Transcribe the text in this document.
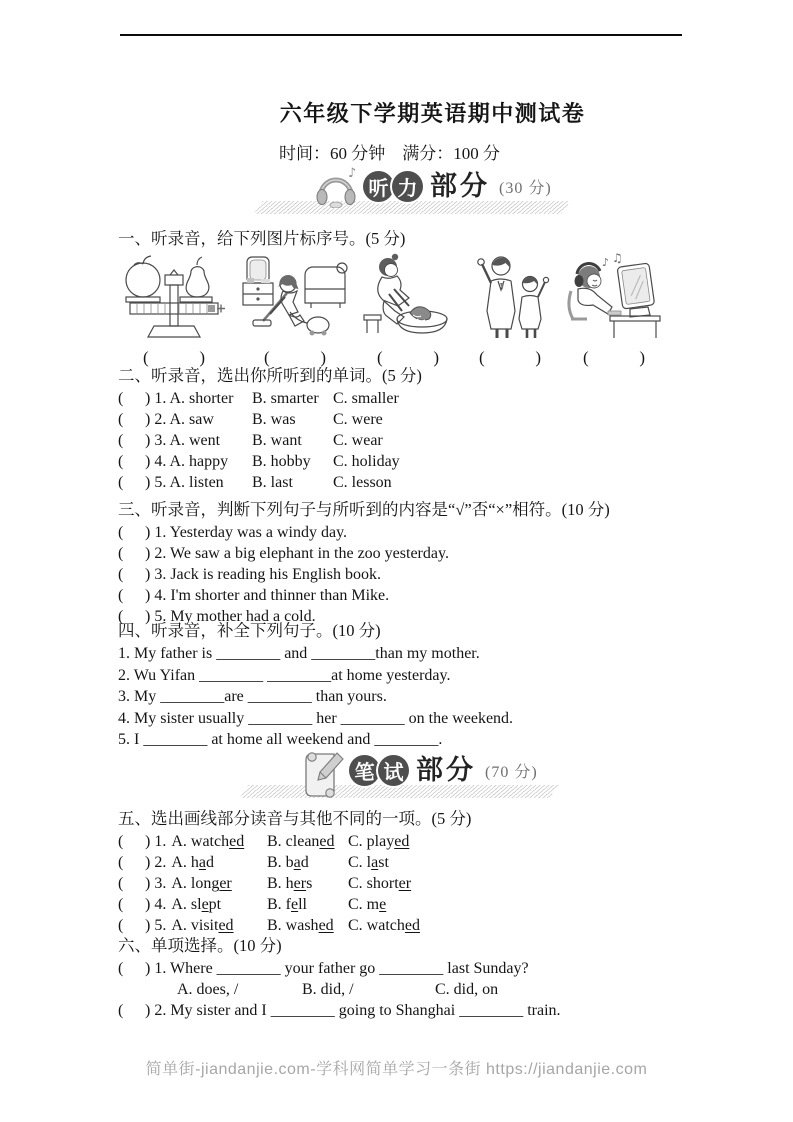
六年级下学期英语期中测试卷
时间：60 分钟　满分：100 分
♪
听 力 部分 (30 分)
一、听录音，给下列图片标序号。(5 分)
(	)	(	)	(	) (	)
♪ ♫
(	)
二、听录音，选出你所听到的单词。(5 分)
(	) 1. A. shorter	B. smarter C. smaller
(	) 2. A. saw	B. was	C. were
(	) 3. A. went	B. want	C. wear
(	) 4. A. happy	B. hobby	C. holiday
(	) 5. A. listen	B. last	C. lesson
三、听录音，判断下列句子与所听到的内容是“√”否“×”相符。(10 分)
(	) 1. Yesterday was a windy day.
(	) 2. We saw a big elephant in the zoo yesterday.
(	) 3. Jack is reading his English book.
(	) 4. I'm shorter and thinner than Mike.
(	) 5. My mother had a cold.
四、听录音，补全下列句子。(10 分)
1. My father is ________ and ________than my mother.
2. Wu Yifan ________ ________at home yesterday.
3. My ________are ________ than yours.
4. My sister usually ________ her ________ on the weekend.
5. I ________ at home all weekend and ________.
笔 试 部分 (70 分)
五、选出画线部分读音与其他不同的一项。(5 分)
(	) 1. A. watched	B. cleaned C. played
(	) 2. A. had	B. bad	C. last
(	) 3. A. longer	B. hers	C. shorter
(	) 4. A. slept	B. fell	C. me
(	) 5. A. visited	B. washed C. watched
六、单项选择。(10 分)
(	) 1. Where ________ your father go ________ last Sunday?
A. does, /	B. did, /	C. did, on
(	) 2. My sister and I ________ going to Shanghai ________ train.
简单街-jiandanjie.com-学科网简单学习一条街 https://jiandanjie.com
